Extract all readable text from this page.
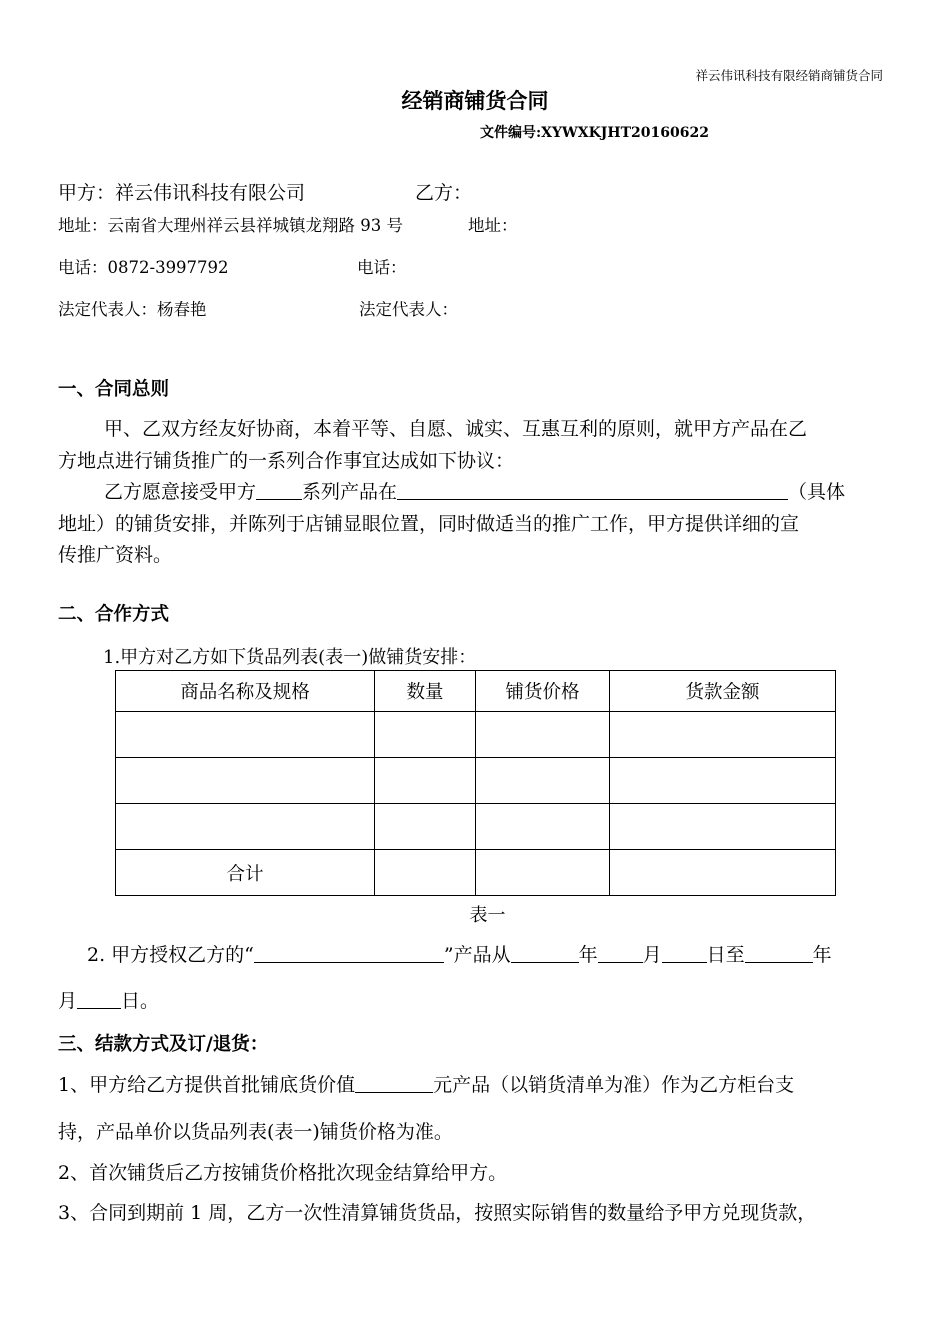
祥云伟讯科技有限经销商铺货合同
经销商铺货合同
文件编号:XYWXKJHT20160622
甲方：祥云伟讯科技有限公司	乙方：
地址：云南省大理州祥云县祥城镇龙翔路 93 号	地址：
电话：0872-3997792	电话：
法定代表人：杨春艳	法定代表人：
一、合同总则
甲、乙双方经友好协商，本着平等、自愿、诚实、互惠互利的原则，就甲方产品在乙
方地点进行铺货推广的一系列合作事宜达成如下协议：
乙方愿意接受甲方 系列产品在	（具体
地址）的铺货安排，并陈列于店铺显眼位置，同时做适当的推广工作，甲方提供详细的宣
传推广资料。
二、合作方式
1.甲方对乙方如下货品列表(表一)做铺货安排：
商品名称及规格	数量	铺货价格	货款金额

合计			
表一
2. 甲方授权乙方的“	”产品从	年 月 日至	年
月 日。
三、结款方式及订/退货：
1、甲方给乙方提供首批铺底货价值	元产品（以销货清单为准）作为乙方柜台支
持，产品单价以货品列表(表一)铺货价格为准。
2、首次铺货后乙方按铺货价格批次现金结算给甲方。
3、合同到期前 1 周，乙方一次性清算铺货货品，按照实际销售的数量给予甲方兑现货款，
